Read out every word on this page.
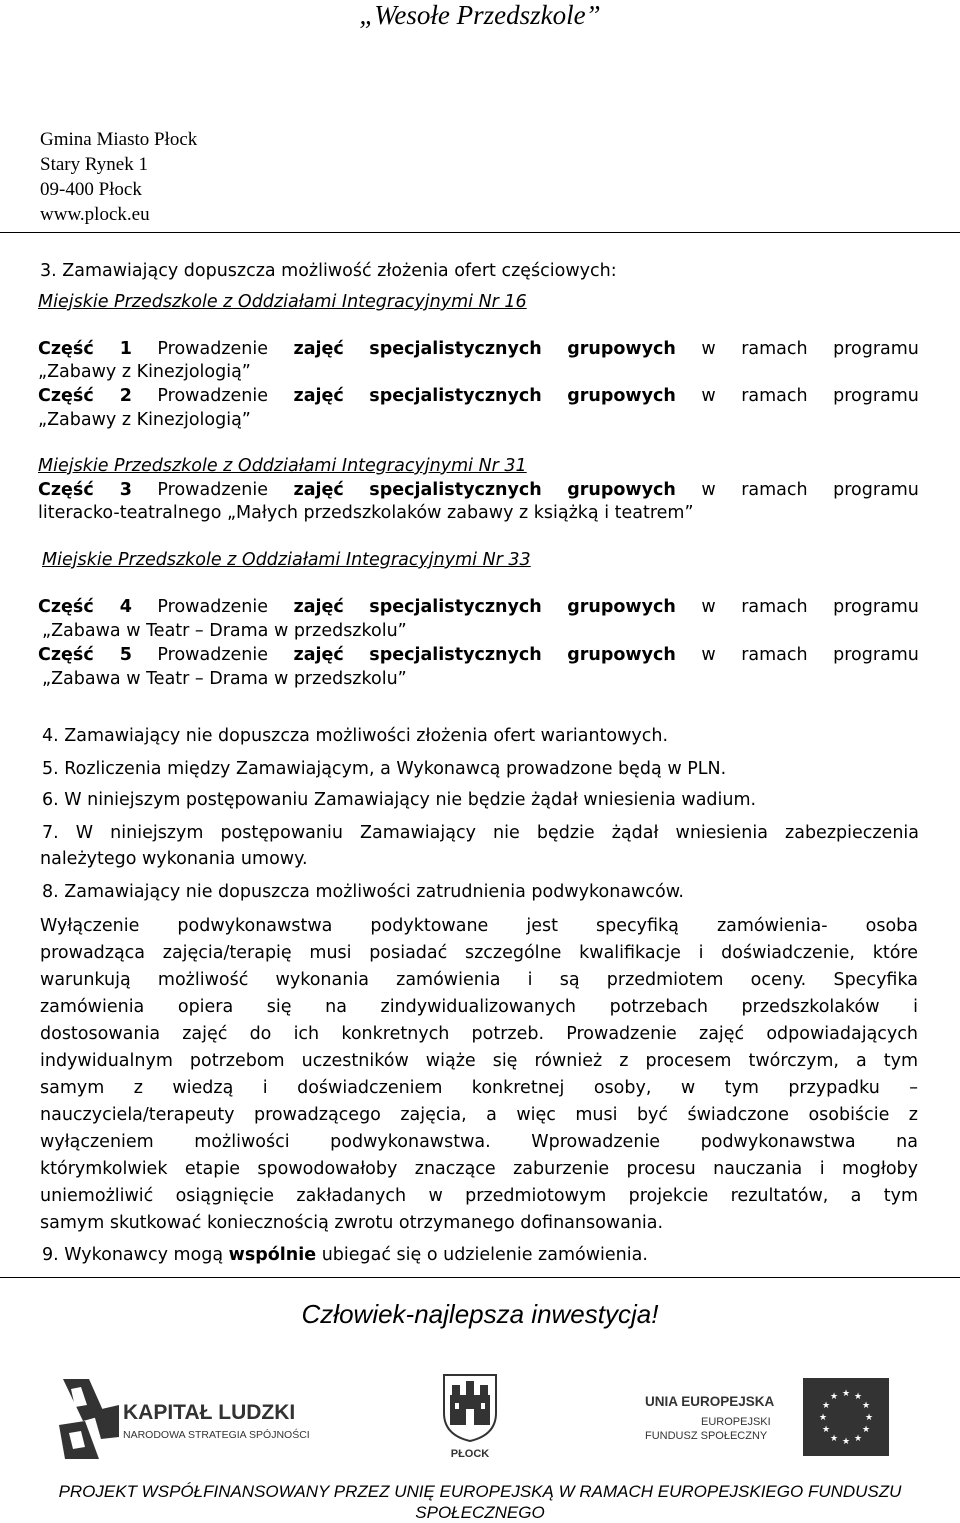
„Wesołe Przedszkole”
Gmina Miasto Płock
Stary Rynek 1
09-400 Płock
www.plock.eu
3. Zamawiający dopuszcza możliwość złożenia ofert częściowych:
Miejskie Przedszkole z Oddziałami Integracyjnymi Nr 16
Część 1 Prowadzenie zajęć specjalistycznych grupowych w ramach programu
„Zabawy z Kinezjologią”
Część 2 Prowadzenie zajęć specjalistycznych grupowych w ramach programu
„Zabawy z Kinezjologią”
Miejskie Przedszkole z Oddziałami Integracyjnymi Nr 31
Część 3 Prowadzenie zajęć specjalistycznych grupowych w ramach programu
literacko-teatralnego „Małych przedszkolaków zabawy z książką i teatrem”
Miejskie Przedszkole z Oddziałami Integracyjnymi Nr 33
Część 4 Prowadzenie zajęć specjalistycznych grupowych w ramach programu
„Zabawa w Teatr – Drama w przedszkolu”
Część 5 Prowadzenie zajęć specjalistycznych grupowych w ramach programu
„Zabawa w Teatr – Drama w przedszkolu”
4. Zamawiający nie dopuszcza możliwości złożenia ofert wariantowych.
5. Rozliczenia między Zamawiającym, a Wykonawcą prowadzone będą w PLN.
6. W niniejszym postępowaniu Zamawiający nie będzie żądał wniesienia wadium.
7. W niniejszym postępowaniu Zamawiający nie będzie żądał wniesienia zabezpieczenia
należytego wykonania umowy.
8. Zamawiający nie dopuszcza możliwości zatrudnienia podwykonawców.
Wyłączenie podwykonawstwa podyktowane jest specyfiką zamówienia- osoba
prowadząca zajęcia/terapię musi posiadać szczególne kwalifikacje i doświadczenie, które
warunkują możliwość wykonania zamówienia i są przedmiotem oceny. Specyfika
zamówienia opiera się na zindywidualizowanych potrzebach przedszkolaków i
dostosowania zajęć do ich konkretnych potrzeb. Prowadzenie zajęć odpowiadających
indywidualnym potrzebom uczestników wiąże się również z procesem twórczym, a tym
samym z wiedzą i doświadczeniem konkretnej osoby, w tym przypadku –
nauczyciela/terapeuty prowadzącego zajęcia, a więc musi być świadczone osobiście z
wyłączeniem możliwości podwykonawstwa. Wprowadzenie podwykonawstwa na
którymkolwiek etapie spowodowałoby znaczące zaburzenie procesu nauczania i mogłoby
uniemożliwić osiągnięcie zakładanych w przedmiotowym projekcie rezultatów, a tym
samym skutkować koniecznością zwrotu otrzymanego dofinansowania.
9. Wykonawcy mogą wspólnie ubiegać się o udzielenie zamówienia.
Człowiek-najlepsza inwestycja!
KAPITAŁ LUDZKI
NARODOWA STRATEGIA SPÓJNOŚCI
PŁOCK
UNIA EUROPEJSKA
EUROPEJSKI
FUNDUSZ SPOŁECZNY
★ ★
★
★
★
★
★
★
★
★
★
★
PROJEKT WSPÓŁFINANSOWANY PRZEZ UNIĘ EUROPEJSKĄ W RAMACH EUROPEJSKIEGO FUNDUSZU
SPOŁECZNEGO
